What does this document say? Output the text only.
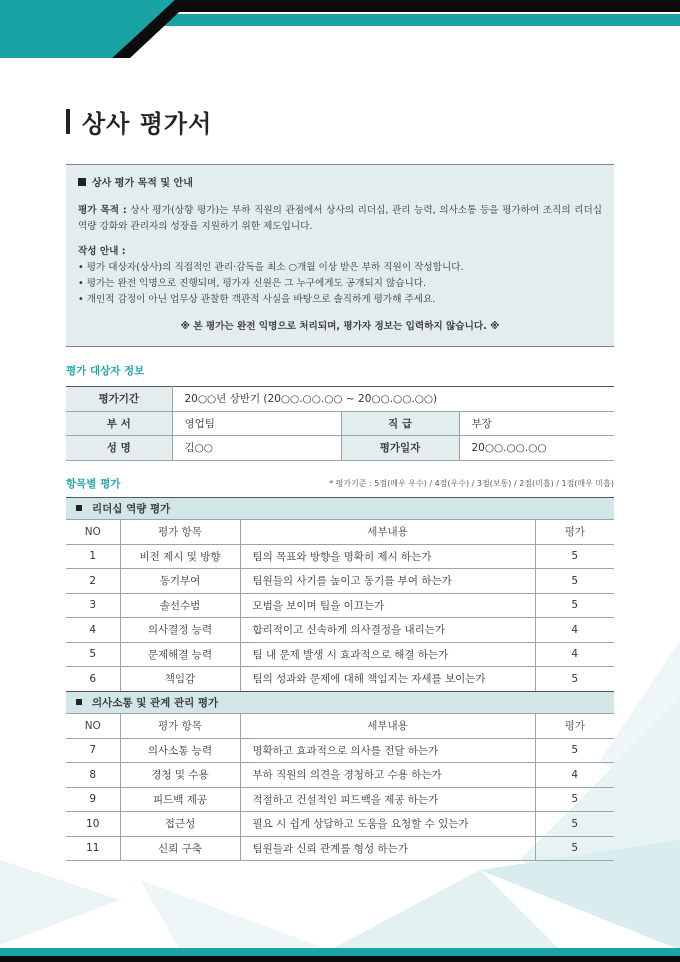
상사 평가서
상사 평가 목적 및 안내
평가 목적 : 상사 평가(상향 평가)는 부하 직원의 관점에서 상사의 리더십, 관리 능력, 의사소통 등을 평가하여 조직의 리더십 역량 강화와 관리자의 성장을 지원하기 위한 제도입니다.
작성 안내 :
• 평가 대상자(상사)의 직접적인 관리·감독을 최소 ○개월 이상 받은 부하 직원이 작성합니다.
• 평가는 완전 익명으로 진행되며, 평가자 신원은 그 누구에게도 공개되지 않습니다.
• 개인적 감정이 아닌 업무상 관찰한 객관적 사실을 바탕으로 솔직하게 평가해 주세요.
※ 본 평가는 완전 익명으로 처리되며, 평가자 정보는 입력하지 않습니다. ※
평가 대상자 정보
평가기간	20○○년 상반기 (20○○.○○.○○ ~ 20○○.○○.○○)		
부 서	영업팀	직 급	부장
성 명	김○○	평가일자	20○○.○○.○○
항목별 평가	* 평가기준 : 5점(매우 우수) / 4점(우수) / 3점(보통) / 2점(미흡) / 1점(매우 미흡)
리더십 역량 평가			
NO	평가 항목	세부내용	평가
1	비전 제시 및 방향	팀의 목표와 방향을 명확히 제시 하는가	5
2	동기부여	팀원들의 사기를 높이고 동기를 부여 하는가	5
3	솔선수범	모범을 보이며 팀을 이끄는가	5
4	의사결정 능력	합리적이고 신속하게 의사결정을 내리는가	4
5	문제해결 능력	팀 내 문제 발생 시 효과적으로 해결 하는가	4
6	책임감	팀의 성과와 문제에 대해 책임지는 자세를 보이는가	5
의사소통 및 관계 관리 평가			
NO	평가 항목	세부내용	평가
7	의사소통 능력	명확하고 효과적으로 의사를 전달 하는가	5
8	경청 및 수용	부하 직원의 의견을 경청하고 수용 하는가	4
9	피드백 제공	적절하고 건설적인 피드백을 제공 하는가	5
10	접근성	필요 시 쉽게 상담하고 도움을 요청할 수 있는가	5
11	신뢰 구축	팀원들과 신뢰 관계를 형성 하는가	5
